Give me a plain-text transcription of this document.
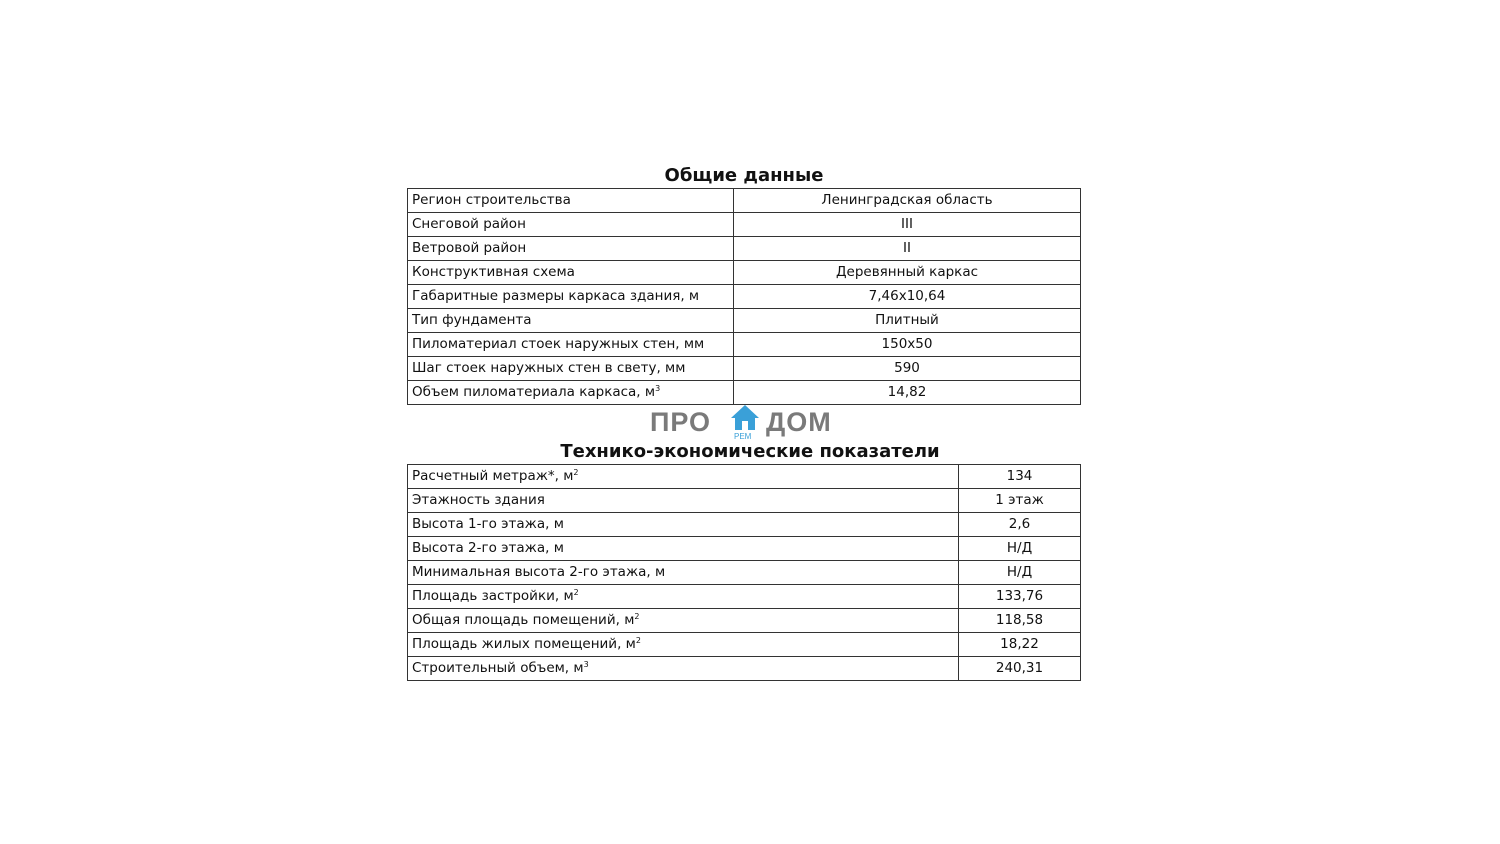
Общие данные
Регион строительства	Ленинградская область
Снеговой район	III
Ветровой район	II
Конструктивная схема	Деревянный каркас
Габаритные размеры каркаса здания, м	7,46х10,64
Тип фундамента	Плитный
Пиломатериал стоек наружных стен, мм	150х50
Шаг стоек наружных стен в свету, мм	590
Объем пиломатериала каркаса, $м^3$	14,82
ПРО	РЕМ ДОМ
Технико-экономические показатели
Расчетный метраж*, $м^2$	134
Этажность здания	1 этаж
Высота 1-го этажа, м	2,6
Высота 2-го этажа, м	Н/Д
Минимальная высота 2-го этажа, м	Н/Д
Площадь застройки, $м^2$	133,76
Общая площадь помещений, $м^2$	118,58
Площадь жилых помещений, $м^2$	18,22
Строительный объем, $м^3$	240,31
